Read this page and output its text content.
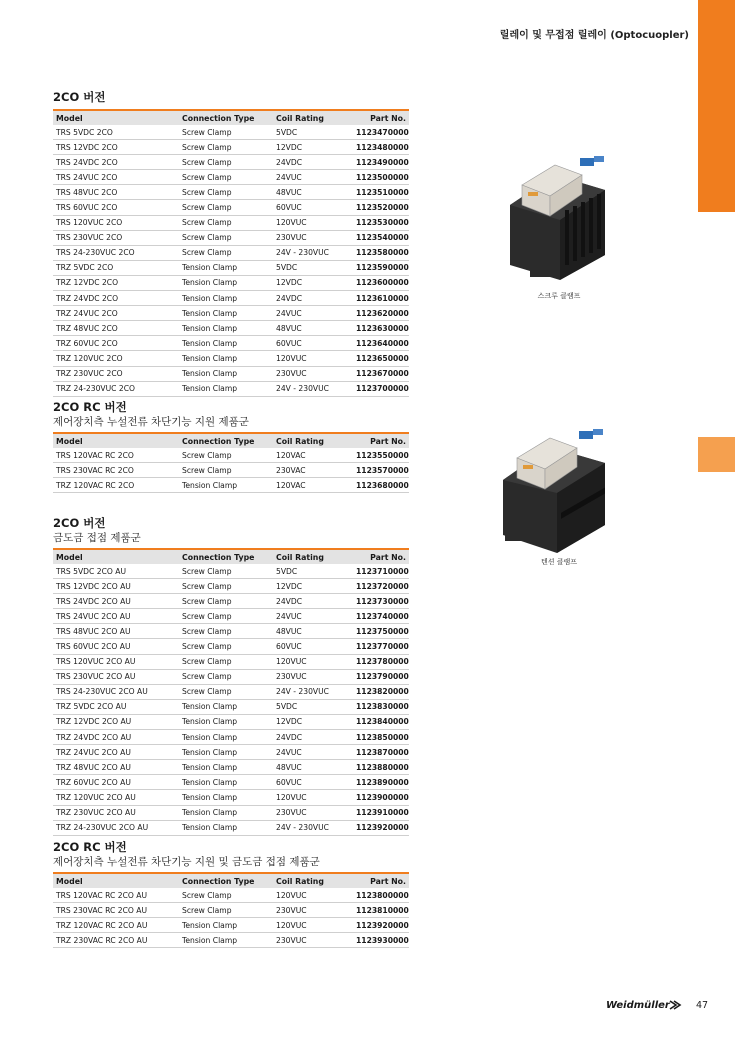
릴레이 및 무접점 릴레이 (Optocuopler)

2CO 버전

Model	Connection Type	Coil Rating	Part No.
TRS 5VDC 2CO	Screw Clamp	5VDC	1123470000
TRS 12VDC 2CO	Screw Clamp	12VDC	1123480000
TRS 24VDC 2CO	Screw Clamp	24VDC	1123490000
TRS 24VUC 2CO	Screw Clamp	24VUC	1123500000
TRS 48VUC 2CO	Screw Clamp	48VUC	1123510000
TRS 60VUC 2CO	Screw Clamp	60VUC	1123520000
TRS 120VUC 2CO	Screw Clamp	120VUC	1123530000
TRS 230VUC 2CO	Screw Clamp	230VUC	1123540000
TRS 24-230VUC 2CO	Screw Clamp	24V - 230VUC	1123580000
TRZ 5VDC 2CO	Tension Clamp	5VDC	1123590000
TRZ 12VDC 2CO	Tension Clamp	12VDC	1123600000
TRZ 24VDC 2CO	Tension Clamp	24VDC	1123610000
TRZ 24VUC 2CO	Tension Clamp	24VUC	1123620000
TRZ 48VUC 2CO	Tension Clamp	48VUC	1123630000
TRZ 60VUC 2CO	Tension Clamp	60VUC	1123640000
TRZ 120VUC 2CO	Tension Clamp	120VUC	1123650000
TRZ 230VUC 2CO	Tension Clamp	230VUC	1123670000
TRZ 24-230VUC 2CO	Tension Clamp	24V - 230VUC	1123700000

2CO RC 버전

제어장치측 누설전류 차단기능 지원 제품군

Model	Connection Type	Coil Rating	Part No.
TRS 120VAC RC 2CO	Screw Clamp	120VAC	1123550000
TRS 230VAC RC 2CO	Screw Clamp	230VAC	1123570000
TRZ 120VAC RC 2CO	Tension Clamp	120VAC	1123680000

2CO 버전

금도금 접점 제품군

Model	Connection Type	Coil Rating	Part No.
TRS 5VDC 2CO AU	Screw Clamp	5VDC	1123710000
TRS 12VDC 2CO AU	Screw Clamp	12VDC	1123720000
TRS 24VDC 2CO AU	Screw Clamp	24VDC	1123730000
TRS 24VUC 2CO AU	Screw Clamp	24VUC	1123740000
TRS 48VUC 2CO AU	Screw Clamp	48VUC	1123750000
TRS 60VUC 2CO AU	Screw Clamp	60VUC	1123770000
TRS 120VUC 2CO AU	Screw Clamp	120VUC	1123780000
TRS 230VUC 2CO AU	Screw Clamp	230VUC	1123790000
TRS 24-230VUC 2CO AU	Screw Clamp	24V - 230VUC	1123820000
TRZ 5VDC 2CO AU	Tension Clamp	5VDC	1123830000
TRZ 12VDC 2CO AU	Tension Clamp	12VDC	1123840000
TRZ 24VDC 2CO AU	Tension Clamp	24VDC	1123850000
TRZ 24VUC 2CO AU	Tension Clamp	24VUC	1123870000
TRZ 48VUC 2CO AU	Tension Clamp	48VUC	1123880000
TRZ 60VUC 2CO AU	Tension Clamp	60VUC	1123890000
TRZ 120VUC 2CO AU	Tension Clamp	120VUC	1123900000
TRZ 230VUC 2CO AU	Tension Clamp	230VUC	1123910000
TRZ 24-230VUC 2CO AU	Tension Clamp	24V - 230VUC	1123920000

2CO RC 버전

제어장치측 누설전류 차단기능 지원 및 금도금 접점 제품군

Model	Connection Type	Coil Rating	Part No.
TRS 120VAC RC 2CO AU	Screw Clamp	120VUC	1123800000
TRS 230VAC RC 2CO AU	Screw Clamp	230VUC	1123810000
TRZ 120VAC RC 2CO AU	Tension Clamp	120VUC	1123920000
TRZ 230VAC RC 2CO AU	Tension Clamp	230VUC	1123930000
스크루 클램프
텐션 클램프
Weidmüller	47
